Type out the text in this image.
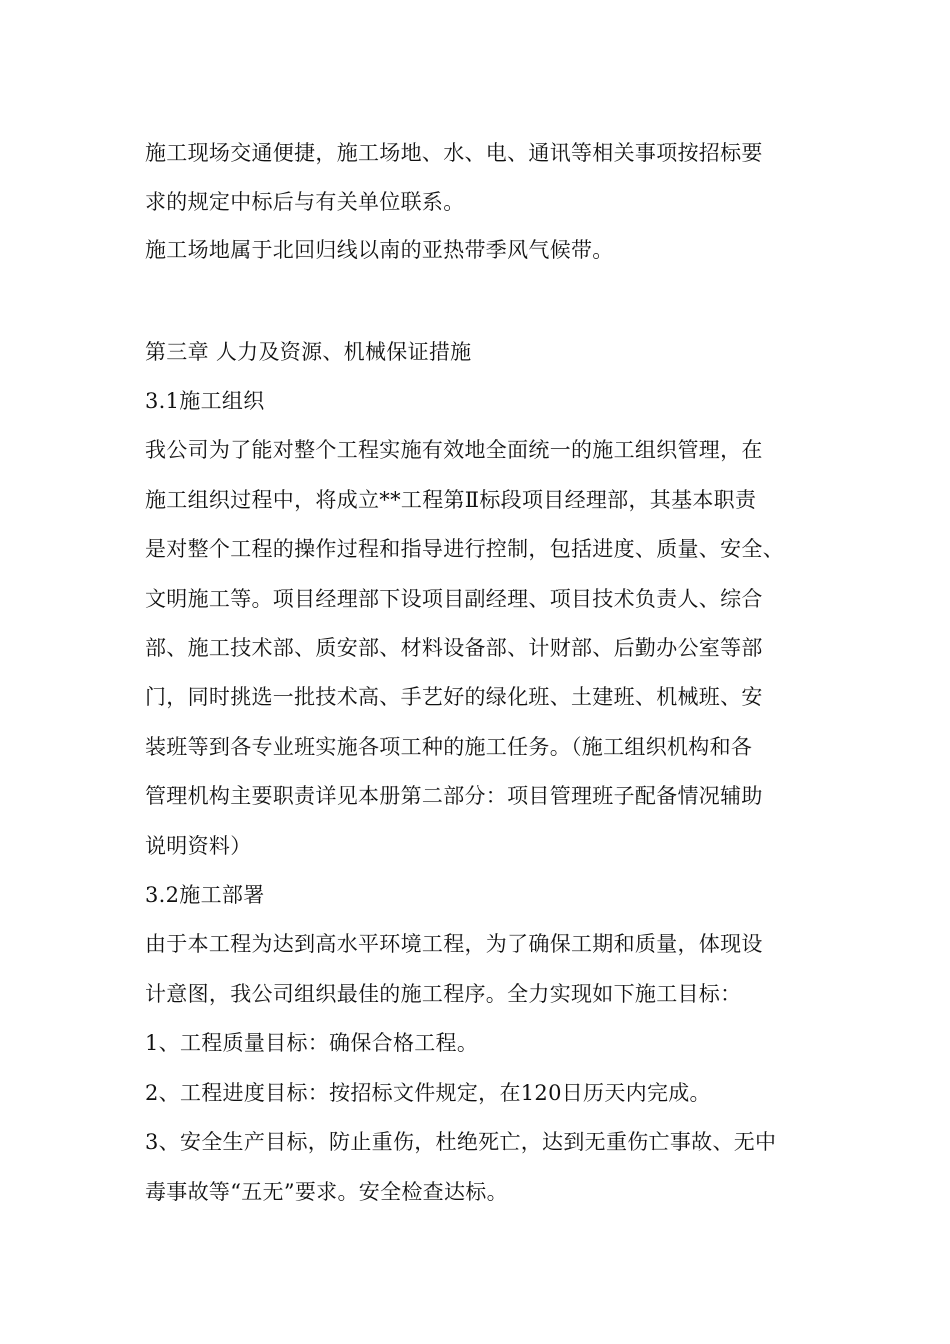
施工现场交通便捷，施工场地、水、电、通讯等相关事项按招标要
求的规定中标后与有关单位联系。
施工场地属于北回归线以南的亚热带季风气候带。
第三章 人力及资源、机械保证措施
3.1施工组织
我公司为了能对整个工程实施有效地全面统一的施工组织管理，在
施工组织过程中，将成立**工程第Ⅱ标段项目经理部，其基本职责
是对整个工程的操作过程和指导进行控制，包括进度、质量、安全、
文明施工等。项目经理部下设项目副经理、项目技术负责人、综合
部、施工技术部、质安部、材料设备部、计财部、后勤办公室等部
门，同时挑选一批技术高、手艺好的绿化班、土建班、机械班、安
装班等到各专业班实施各项工种的施工任务。（施工组织机构和各
管理机构主要职责详见本册第二部分：项目管理班子配备情况辅助
说明资料）
3.2施工部署
由于本工程为达到高水平环境工程，为了确保工期和质量，体现设
计意图，我公司组织最佳的施工程序。全力实现如下施工目标：
1、工程质量目标：确保合格工程。
2、工程进度目标：按招标文件规定，在120日历天内完成。
3、安全生产目标，防止重伤，杜绝死亡，达到无重伤亡事故、无中
毒事故等“五无”要求。安全检查达标。
